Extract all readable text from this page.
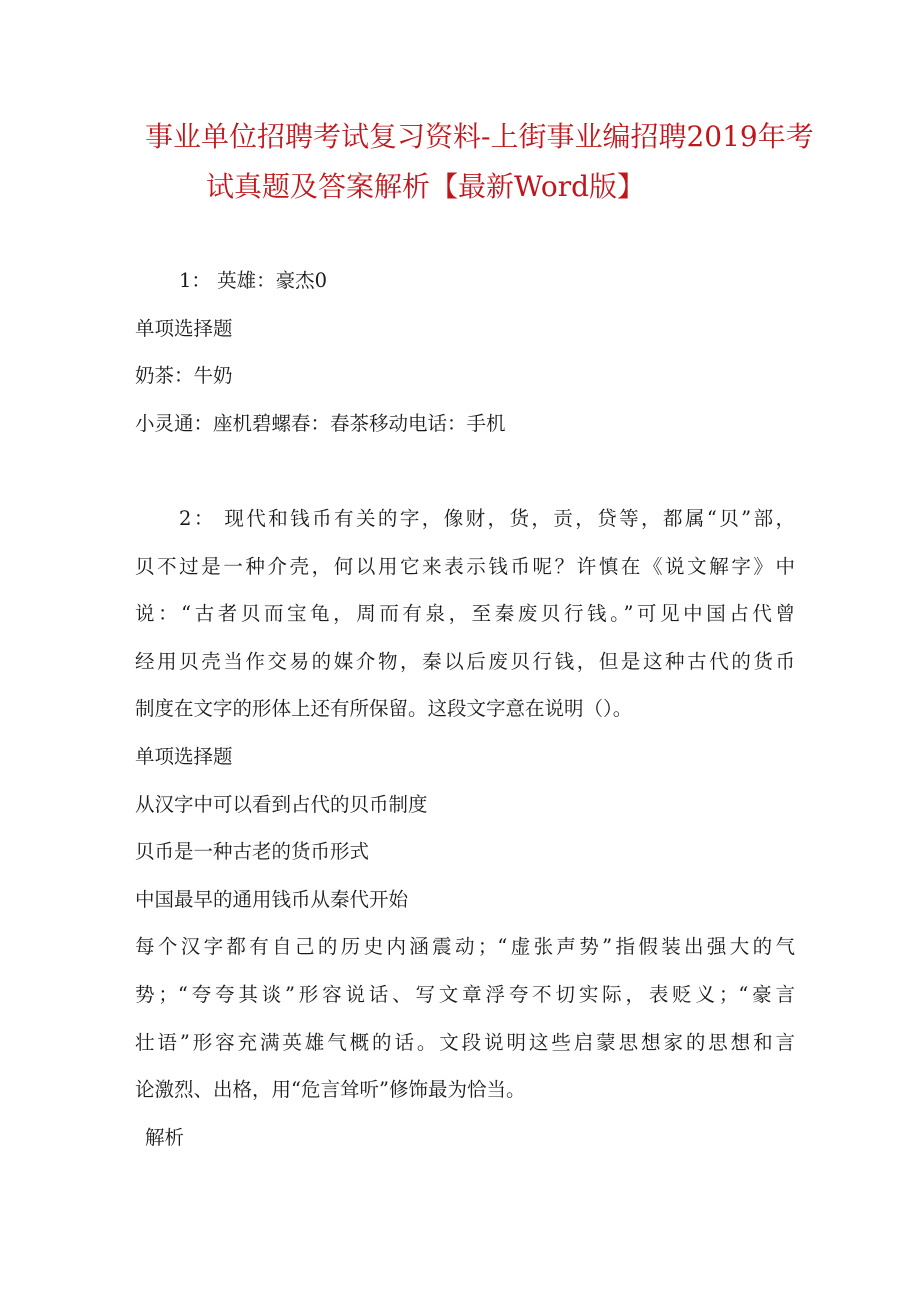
事业单位招聘考试复习资料-上街事业编招聘2019年考
试真题及答案解析【最新Word版】
1： 英雄：豪杰0
单项选择题
奶茶：牛奶
小灵通：座机碧螺春：春茶移动电话：手机
2： 现代和钱币有关的字，像财，货，贡，贷等，都属“贝”部，
贝不过是一种介壳，何以用它来表示钱币呢？许慎在《说文解字》中
说：“古者贝而宝龟，周而有泉，至秦废贝行钱。”可见中国占代曾
经用贝壳当作交易的媒介物，秦以后废贝行钱，但是这种古代的货币
制度在文字的形体上还有所保留。这段文字意在说明（）。
单项选择题
从汉字中可以看到占代的贝币制度
贝币是一种古老的货币形式
中国最早的通用钱币从秦代开始
每个汉字都有自己的历史内涵震动；“虚张声势”指假装出强大的气
势；“夸夸其谈”形容说话、写文章浮夸不切实际，表贬义；“豪言
壮语”形容充满英雄气概的话。文段说明这些启蒙思想家的思想和言
论激烈、出格，用“危言耸听”修饰最为恰当。
解析
